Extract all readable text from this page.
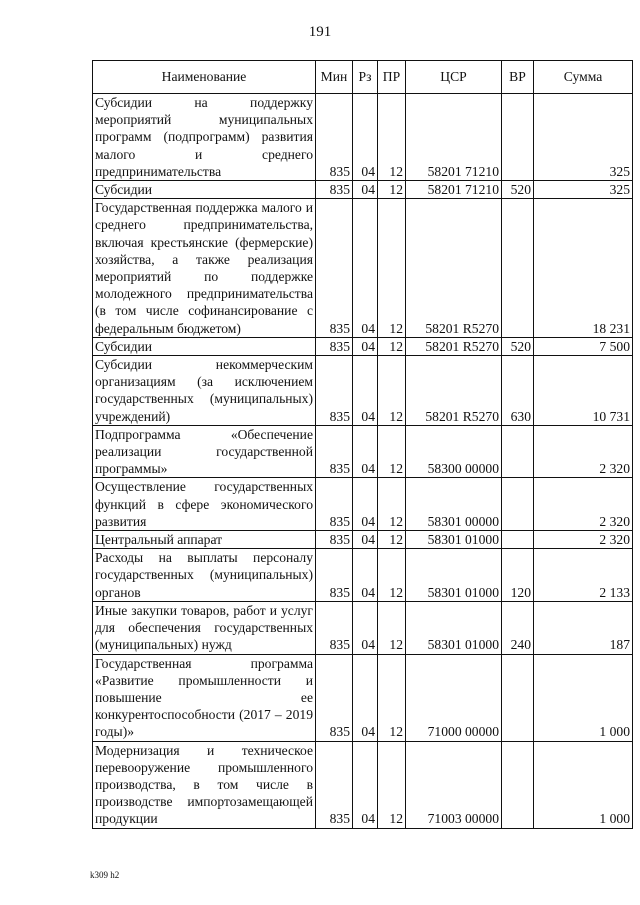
191
Наименование	Мин	Рз	ПР	ЦСР	ВР	Сумма
Субсидии на поддержку мероприятий муниципальных программ (подпрограмм) развития малого и среднего предпринимательства	835	04	12	58201 71210		325
Субсидии	835	04	12	58201 71210	520	325
Государственная поддержка малого и среднего предпринимательства, включая крестьянские (фермерские) хозяйства, а также реализация мероприятий по поддержке молодежного предпринимательства (в том числе софинансирование с федеральным бюджетом)	835	04	12	58201 R5270		18 231
Субсидии	835	04	12	58201 R5270	520	7 500
Субсидии некоммерческим организациям (за исключением государственных (муниципальных) учреждений)	835	04	12	58201 R5270	630	10 731
Подпрограмма «Обеспечение реализации государственной программы»	835	04	12	58300 00000		2 320
Осуществление государственных функций в сфере экономического развития	835	04	12	58301 00000		2 320
Центральный аппарат	835	04	12	58301 01000		2 320
Расходы на выплаты персоналу государственных (муниципальных) органов	835	04	12	58301 01000	120	2 133
Иные закупки товаров, работ и услуг для обеспечения государственных (муниципальных) нужд	835	04	12	58301 01000	240	187
Государственная программа «Развитие промышленности и повышение ее конкурентоспособности (2017 – 2019 годы)»	835	04	12	71000 00000		1 000
Модернизация и техническое перевооружение промышленного производства, в том числе в производстве импортозамещающей продукции	835	04	12	71003 00000		1 000
k309 h2
